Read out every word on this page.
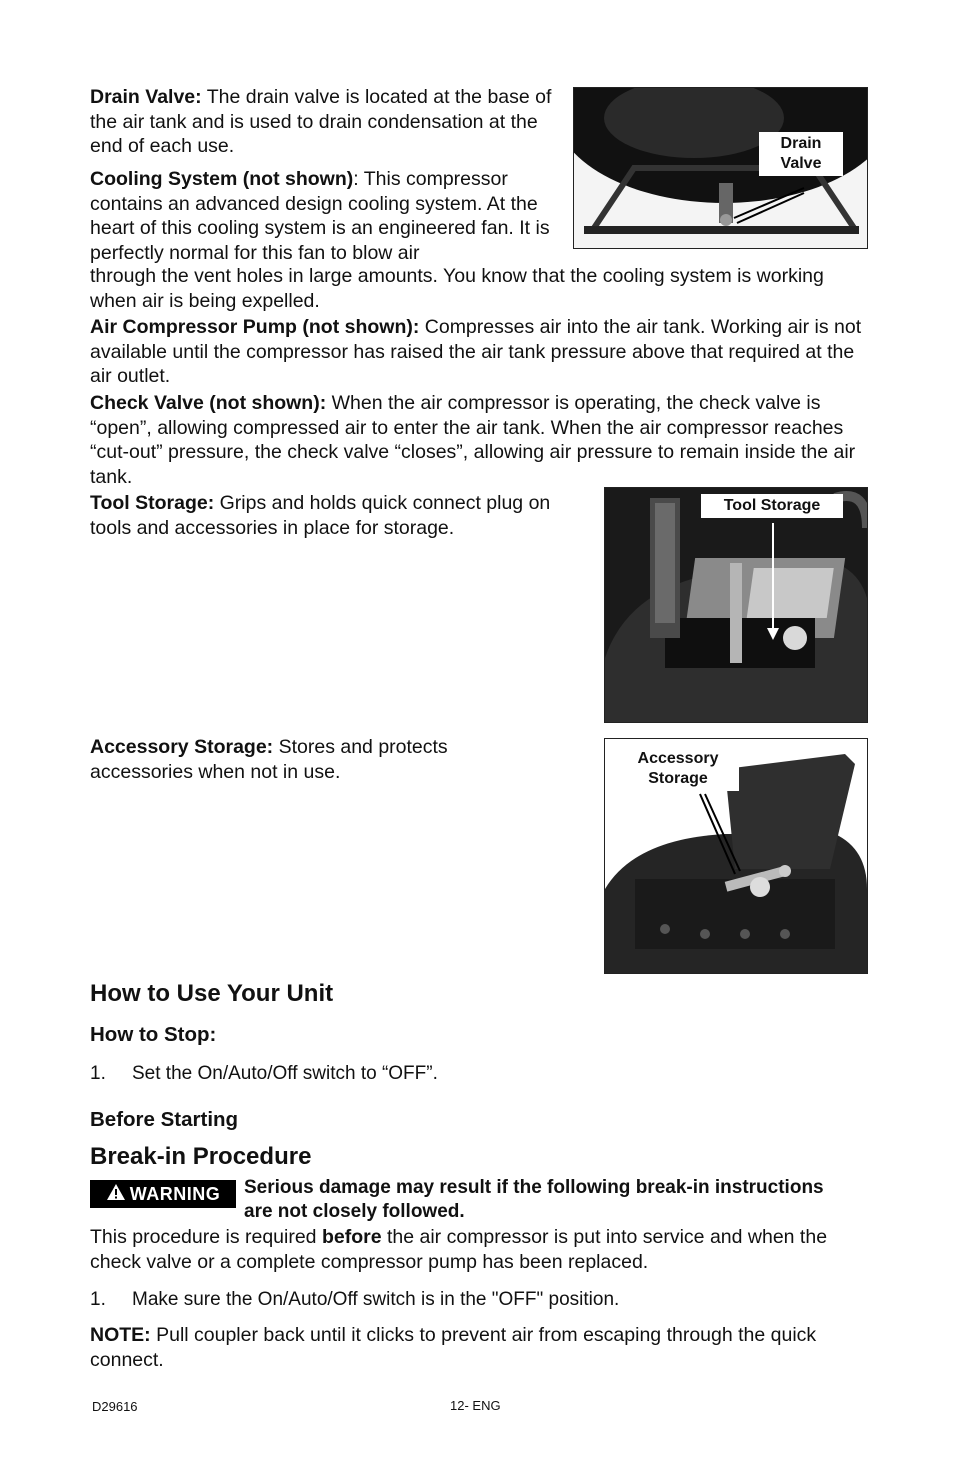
Drain Valve: The drain valve is located at the base of the air tank and is used to drain condensation at the end of each use.	Drain
Valve

Cooling System (not shown): This compressor contains an advanced design cooling system. At the heart of this cooling system is an engineered fan. It is perfectly normal for this fan to blow air

through the vent holes in large amounts. You know that the cooling system is working when air is being expelled.

Air Compressor Pump (not shown): Compresses air into the air tank. Working air is not available until the compressor has raised the air tank pressure above that required at the air outlet.

Check Valve (not shown): When the air compressor is operating, the check valve is “open”, allowing compressed air to enter the air tank. When the air compressor reaches “cut-out” pressure, the check valve “closes”, allowing air pressure to remain inside the air tank.

Tool Storage: Grips and holds quick connect plug on tools and accessories in place for storage.

Tool Storage

Accessory Storage: Stores and protects accessories when not in use.

Accessory
Storage
How to Use Your Unit
How to Stop:

1. Set the On/Auto/Off switch to “OFF”.

Before Starting
Break-in Procedure
WARNING Serious damage may result if the following break-in instructions are not closely followed.

This procedure is required before the air compressor is put into service and when the check valve or a complete compressor pump has been replaced.

1. Make sure the On/Auto/Off switch is in the "OFF" position.

NOTE: Pull coupler back until it clicks to prevent air from escaping through the quick connect.

D29616	12- ENG
